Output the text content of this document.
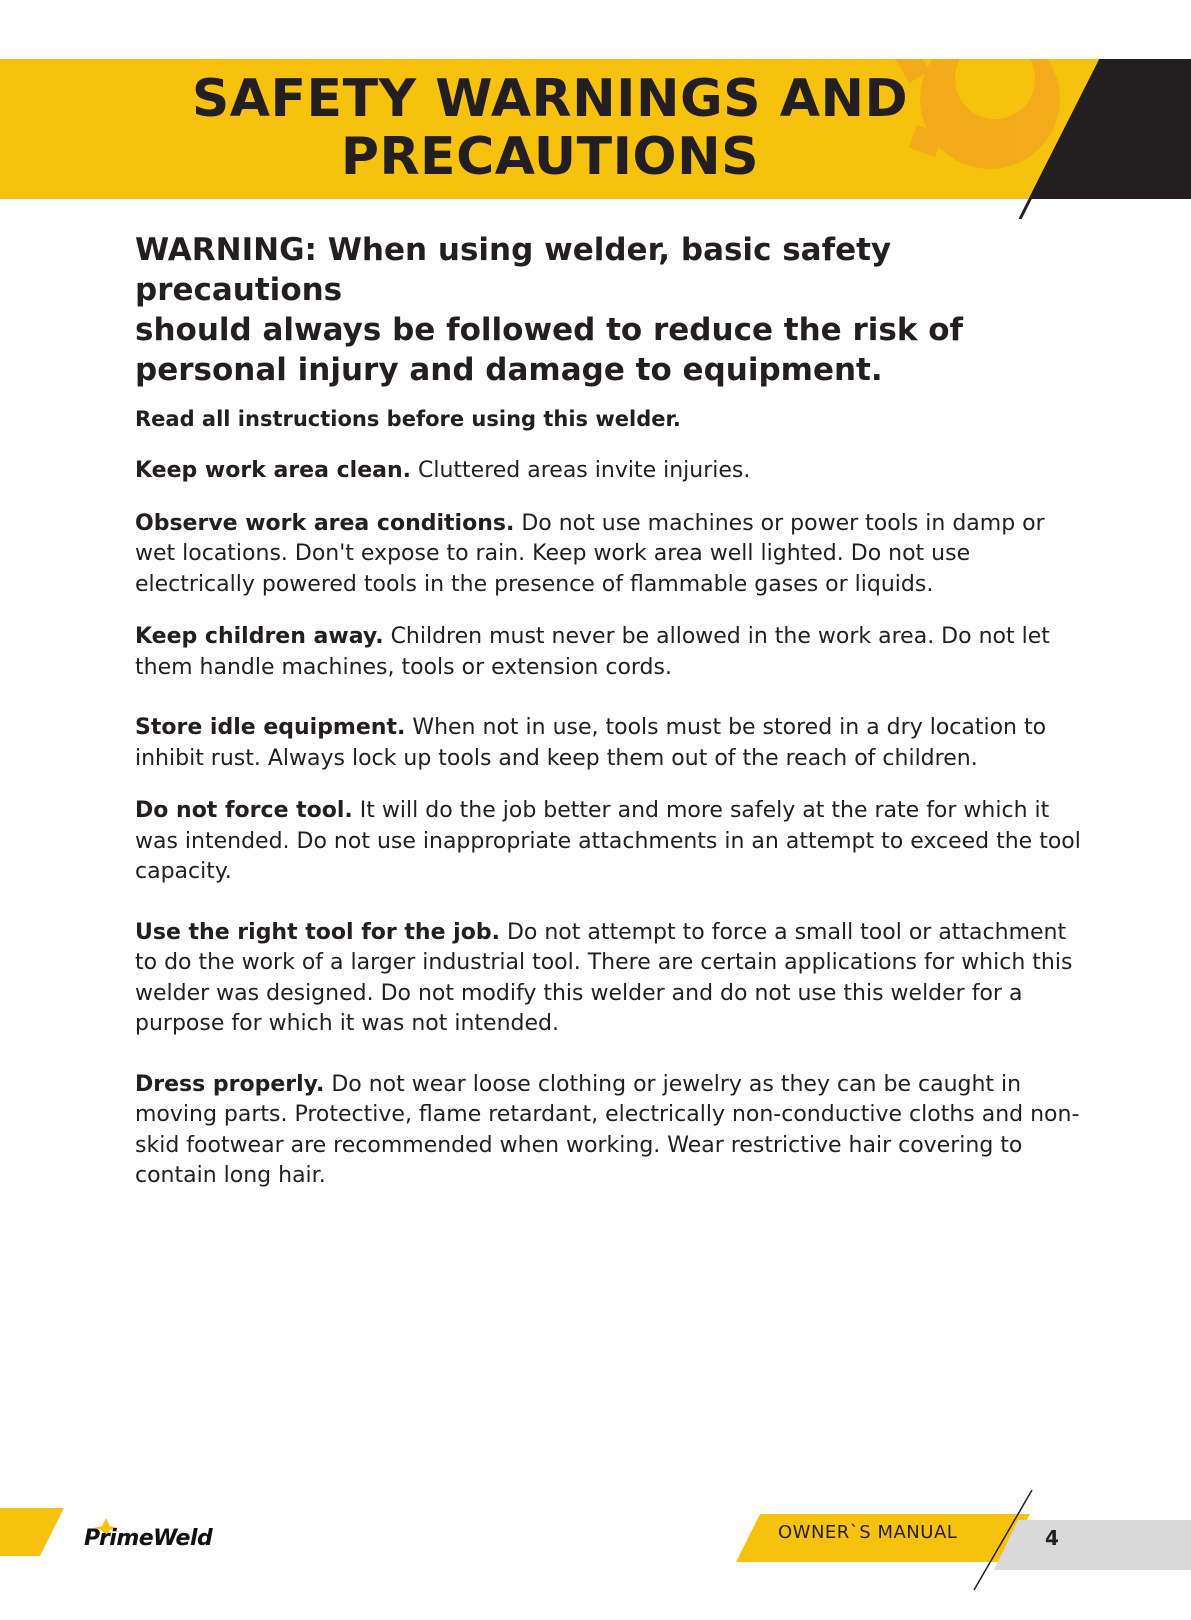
SAFETY WARNINGS AND
PRECAUTIONS
WARNING: When using welder, basic safety precautions
should always be followed to reduce the risk of
personal injury and damage to equipment.
Read all instructions before using this welder.

Keep work area clean. Cluttered areas invite injuries.

Observe work area conditions. Do not use machines or power tools in damp or wet locations. Don't expose to rain. Keep work area well lighted. Do not use electrically powered tools in the presence of flammable gases or liquids.

Keep children away. Children must never be allowed in the work area. Do not let them handle machines, tools or extension cords.

Store idle equipment. When not in use, tools must be stored in a dry location to inhibit rust. Always lock up tools and keep them out of the reach of children.

Do not force tool. It will do the job better and more safely at the rate for which it was intended. Do not use inappropriate attachments in an attempt to exceed the tool capacity.

Use the right tool for the job. Do not attempt to force a small tool or attachment to do the work of a larger industrial tool. There are certain applications for which this welder was designed. Do not modify this welder and do not use this welder for a purpose for which it was not intended.

Dress properly. Do not wear loose clothing or jewelry as they can be caught in moving parts. Protective, flame retardant, electrically non-conductive cloths and non-skid footwear are recommended when working. Wear restrictive hair covering to contain long hair.

PrimeWeld	OWNER`S MANUAL	4
